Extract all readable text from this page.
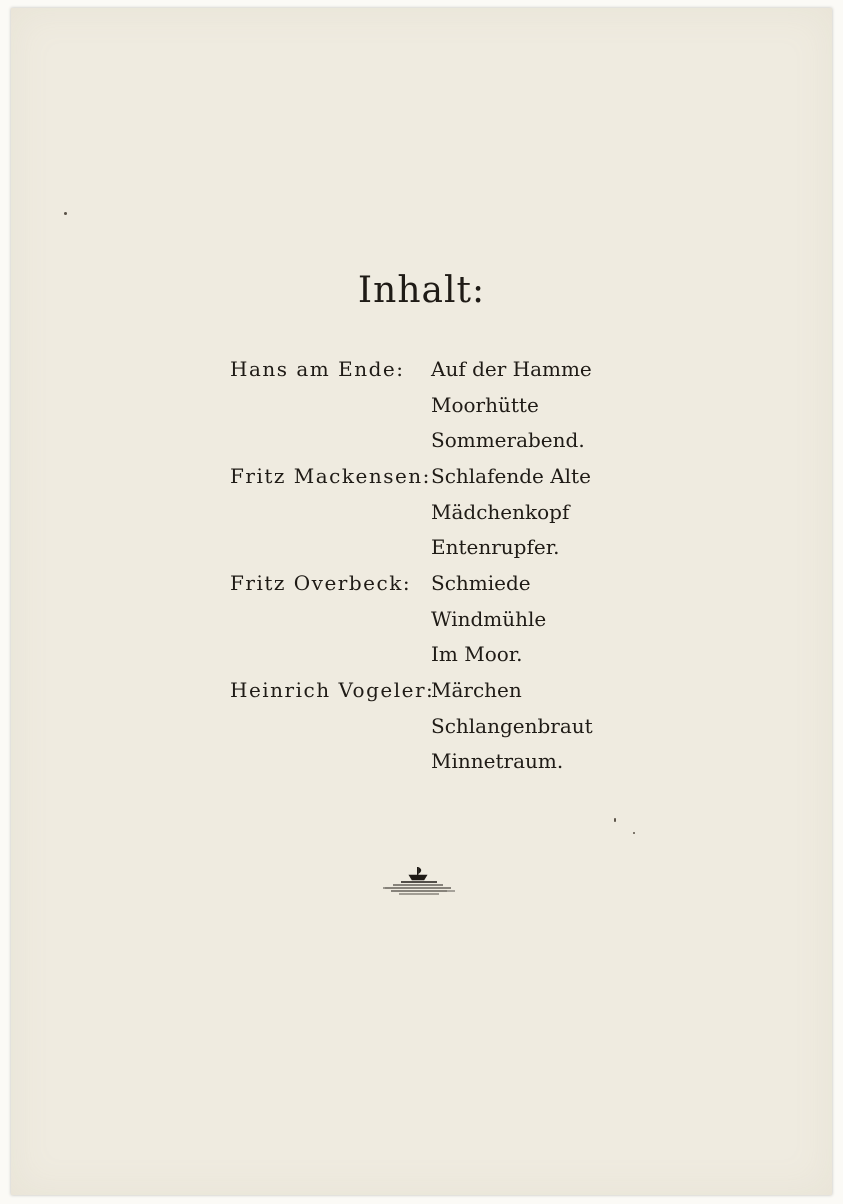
Inhalt:
Hans am Ende: Auf der Hamme
Moorhütte
Sommerabend.
Fritz Mackensen: Schlafende Alte
Mädchenkopf
Entenrupfer.
Fritz Overbeck: Schmiede
Windmühle
Im Moor.
Heinrich Vogeler:
Märchen
Schlangenbraut
Minnetraum.
